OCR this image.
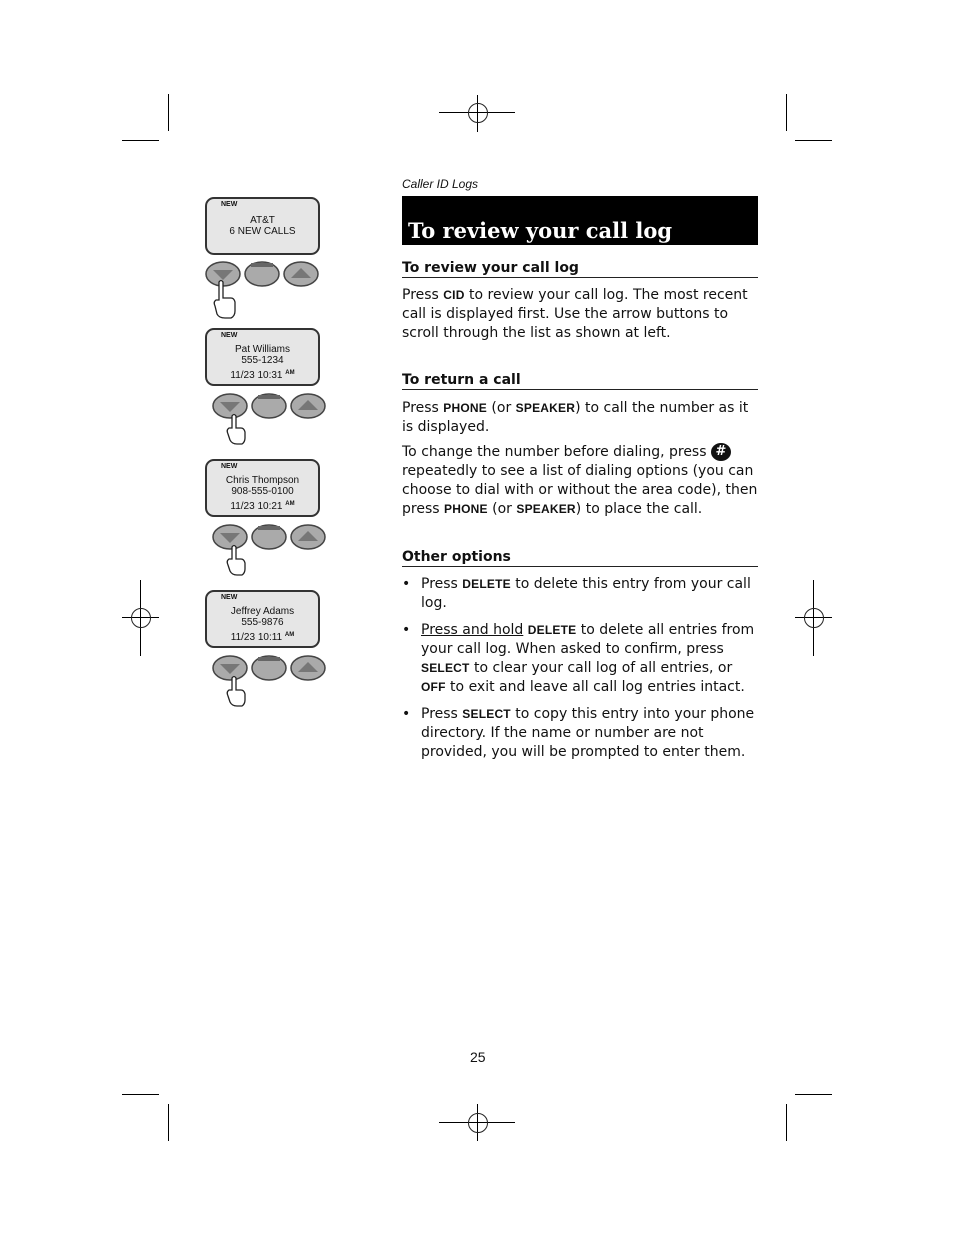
Caller ID Logs
To review your call log
To review your call log
Press CID to review your call log. The most recent call is displayed first. Use the arrow buttons to scroll through the list as shown at left.
To return a call
Press PHONE (or SPEAKER) to call the number as it is displayed.
To change the number before dialing, press # repeatedly to see a list of dialing options (you can choose to dial with or without the area code), then press PHONE (or SPEAKER) to place the call.
Other options
• Press DELETE to delete this entry from your call log.
• Press and hold DELETE to delete all entries from your call log. When asked to confirm, press SELECT to clear your call log of all entries, or OFF to exit and leave all call log entries intact.
• Press SELECT to copy this entry into your phone directory. If the name or number are not provided, you will be prompted to enter them.
NEW
AT&T
6 NEW CALLS
NEW
Pat Williams
555-1234
11/23 10:31 $^{AM}$
NEW
Chris Thompson
908-555-0100
11/23 10:21 $^{AM}$
NEW
Jeffrey Adams
555-9876
11/23 10:11 $^{AM}$
25
